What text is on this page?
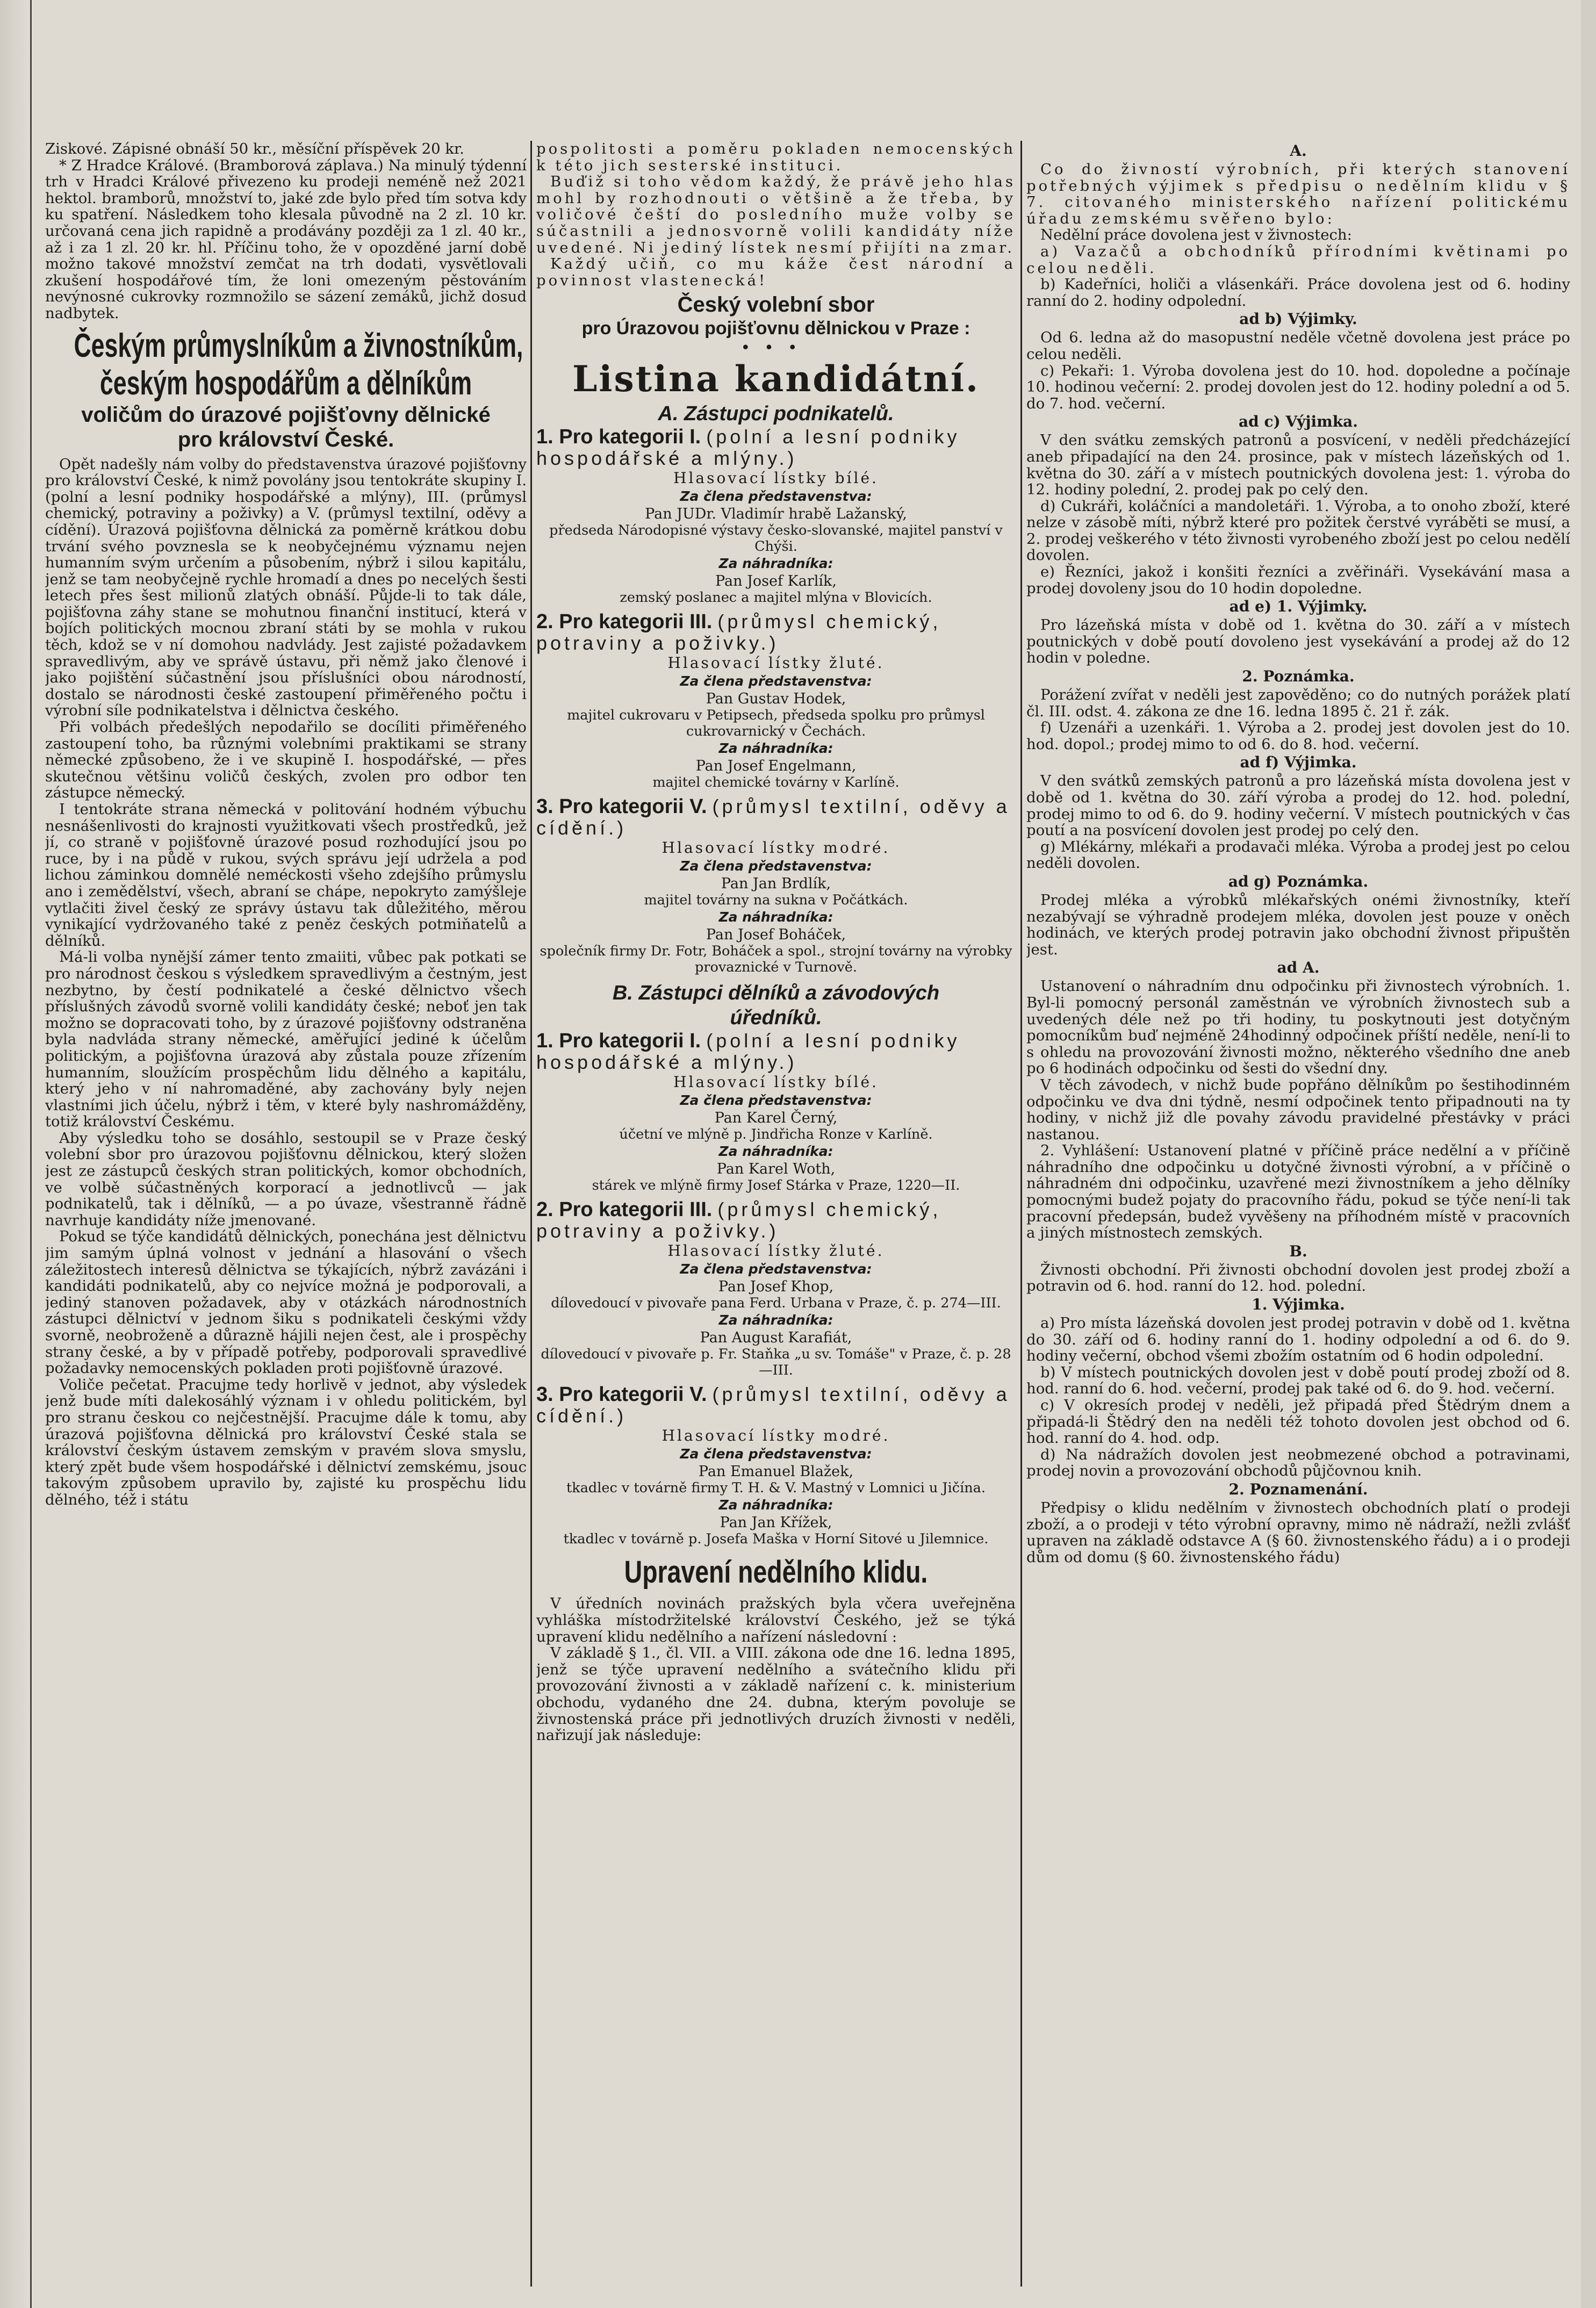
Ziskové. Zápisné obnáší 50 kr., měsíční příspěvek 20 kr.

* Z Hradce Králové. (Bramborová záplava.) Na minulý týdenní trh v Hradci Králové přivezeno ku prodeji neméně než 2021 hektol. bramborů, množství to, jaké zde bylo před tím sotva kdy ku spatření. Následkem toho klesala původně na 2 zl. 10 kr. určovaná cena jich rapidně a prodávány později za 1 zl. 40 kr., až i za 1 zl. 20 kr. hl. Příčinu toho, že v opozděné jarní době možno takové množství zemčat na trh dodati, vysvětlovali zkušení hospodářové tím, že loni omezeným pěstováním nevýnosné cukrovky rozmnožilo se sázení zemáků, jichž dosud nadbytek.

Českým průmyslníkům a živnostníkům,
českým hospodářům a dělníkům
voličům do úrazové pojišťovny dělnické
pro království České.

Opět nadešly nám volby do představenstva úrazové pojišťovny pro království České, k nimž povolány jsou tentokráte skupiny I. (polní a lesní podniky hospodářské a mlýny), III. (průmysl chemický, potraviny a poživky) a V. (průmysl textilní, oděvy a cídění). Úrazová pojišťovna dělnická za poměrně krátkou dobu trvání svého povznesla se k neobyčejnému významu nejen humanním svým určením a působením, nýbrž i silou kapitálu, jenž se tam neobyčejně rychle hromadí a dnes po necelých šesti letech přes šest milionů zlatých obnáší. Půjde-li to tak dále, pojišťovna záhy stane se mohutnou finanční institucí, která v bojích politických mocnou zbraní státi by se mohla v rukou těch, kdož se v ní domohou nadvlády. Jest zajisté požadavkem spravedlivým, aby ve správě ústavu, při němž jako členové i jako pojištění súčastnění jsou příslušníci obou národností, dostalo se národnosti české zastoupení přiměřeného počtu i výrobní síle podnikatelstva i dělnictva českého.

Při volbách předešlých nepodařilo se docíliti přiměřeného zastoupení toho, ba různými volebními praktikami se strany německé způsobeno, že i ve skupině I. hospodářské, — přes skutečnou většinu voličů českých, zvolen pro odbor ten zástupce německý.

I tentokráte strana německá v politování hodném výbuchu nesnášenlivosti do krajnosti využitkovati všech prostředků, jež jí, co straně v pojišťovně úrazové posud rozhodující jsou po ruce, by i na půdě v rukou, svých správu její udržela a pod lichou záminkou domnělé neméckosti všeho zdejšího průmyslu ano i zemědělství, všech, abraní se chápe, nepokryto zamýšleje vytlačiti živel český ze správy ústavu tak důležitého, měrou vynikající vydržovaného také z peněz českých potmiňatelů a dělníků.

Má-li volba nynější zámer tento zmaiiti, vůbec pak potkati se pro národnost českou s výsledkem spravedlivým a čestným, jest nezbytno, by čestí podnikatelé a české dělnictvo všech příslušných závodů svorně volili kandidáty české; neboť jen tak možno se dopracovati toho, by z úrazové pojišťovny odstraněna byla nadvláda strany německé, aměřující jediné k účelům politickým, a pojišťovna úrazová aby zůstala pouze zřízením humanním, sloužícím prospěchům lidu dělného a kapitálu, který jeho v ní nahromaděné, aby zachovány byly nejen vlastními jich účelu, nýbrž i těm, v které byly nashromážděny, totiž království Českému.

Aby výsledku toho se dosáhlo, sestoupil se v Praze český volební sbor pro úrazovou pojišťovnu dělnickou, který složen jest ze zástupců českých stran politických, komor obchodních, ve volbě súčastněných korporací a jednotlivců — jak podnikatelů, tak i dělníků, — a po úvaze, všestranně řádně navrhuje kandidáty níže jmenované.

Pokud se týče kandidátů dělnických, ponechána jest dělnictvu jim samým úplná volnost v jednání a hlasování o všech záležitostech interesů dělnictva se týkajících, nýbrž zavázáni i kandidáti podnikatelů, aby co nejvíce možná je podporovali, a jediný stanoven požadavek, aby v otázkách národnostních zástupci dělnictví v jednom šiku s podnikateli českými vždy svorně, neobroženě a důrazně hájili nejen čest, ale i prospěchy strany české, a by v případě potřeby, podporovali spravedlivé požadavky nemocenských pokladen proti pojišťovně úrazové.

Voliče pečetat. Pracujme tedy horlivě v jednot, aby výsledek jenž bude míti dalekosáhlý význam i v ohledu politickém, byl pro stranu českou co nejčestnější. Pracujme dále k tomu, aby úrazová pojišťovna dělnická pro království České stala se království českým ústavem zemským v pravém slova smyslu, který zpět bude všem hospodářské i dělnictví zemskému, jsouc takovým způsobem upravilo by, zajisté ku prospěchu lidu dělného, též i státu

pospolitosti a poměru pokladen nemocenských k této jich sesterské instituci.

Buďiž si toho vědom každý, že právě jeho hlas mohl by rozhodnouti o většině a že třeba, by voličové čeští do posledního muže volby se súčastnili a jednosvorně volili kandidáty níže uvedené. Ni jediný lístek nesmí přijíti na zmar.

Každý učiň, co mu káže čest národní a povinnost vlastenecká!

Český volební sbor
pro Úrazovou pojišťovnu dělnickou v Praze :
•••
Listina kandidátní.
A. Zástupci podnikatelů.
1. Pro kategorii I. (polní a lesní podniky hospodářské a mlýny.)
Hlasovací lístky bílé.
Za člena představenstva:
Pan JUDr. Vladimír hrabě Lažanský,
předseda Národopisné výstavy česko-slovanské, majitel panství v Chýši.
Za náhradníka:
Pan Josef Karlík,
zemský poslanec a majitel mlýna v Blovicích.
2. Pro kategorii III. (průmysl chemický, potraviny a poživky.)
Hlasovací lístky žluté.
Za člena představenstva:
Pan Gustav Hodek,
majitel cukrovaru v Petipsech, předseda spolku pro průmysl cukrovarnický v Čechách.
Za náhradníka:
Pan Josef Engelmann,
majitel chemické továrny v Karlíně.
3. Pro kategorii V. (průmysl textilní, oděvy a cídění.)
Hlasovací lístky modré.
Za člena představenstva:
Pan Jan Brdlík,
majitel továrny na sukna v Počátkách.
Za náhradníka:
Pan Josef Boháček,
společník firmy Dr. Fotr, Boháček a spol., strojní továrny na výrobky provaznické v Turnově.
B. Zástupci dělníků a závodových
úředníků.
1. Pro kategorii I. (polní a lesní podniky hospodářské a mlýny.)
Hlasovací lístky bílé.
Za člena představenstva:
Pan Karel Černý,
účetní ve mlýně p. Jindřicha Ronze v Karlíně.
Za náhradníka:
Pan Karel Woth,
stárek ve mlýně firmy Josef Stárka v Praze, 1220—II.
2. Pro kategorii III. (průmysl chemický, potraviny a poživky.)
Hlasovací lístky žluté.
Za člena představenstva:
Pan Josef Khop,
dílovedoucí v pivovaře pana Ferd. Urbana v Praze, č. p. 274—III.
Za náhradníka:
Pan August Karafiát,
dílovedoucí v pivovaře p. Fr. Staňka „u sv. Tomáše" v Praze, č. p. 28—III.
3. Pro kategorii V. (průmysl textilní, oděvy a cídění.)
Hlasovací lístky modré.
Za člena představenstva:
Pan Emanuel Blažek,
tkadlec v továrně firmy T. H. & V. Mastný v Lomnici u Jičína.
Za náhradníka:
Pan Jan Křížek,
tkadlec v továrně p. Josefa Maška v Horní Sitové u Jilemnice.
Upravení nedělního klidu.

V úředních novinách pražských byla včera uveřejněna vyhláška místodržitelské království Českého, jež se týká upravení klidu nedělního a nařízení následovní :

V základě § 1., čl. VII. a VIII. zákona ode dne 16. ledna 1895, jenž se týče upravení nedělního a svátečního klidu při provozování živnosti a v základě nařízení c. k. ministerium obchodu, vydaného dne 24. dubna, kterým povoluje se živnostenská práce při jednotlivých druzích živnosti v neděli, nařizují jak následuje:

A.

Co do živností výrobních, při kterých stanovení potřebných výjimek s předpisu o nedělním klidu v § 7. citovaného ministerského nařízení politickému úřadu zemskému svěřeno bylo:

Nedělní práce dovolena jest v živnostech:

a) Vazačů a obchodníků přírodními květinami po celou neděli.

b) Kadeřníci, holiči a vlásenkáři. Práce dovolena jest od 6. hodiny ranní do 2. hodiny odpolední.

ad b) Výjimky.

Od 6. ledna až do masopustní neděle včetně dovolena jest práce po celou neděli.

c) Pekaři: 1. Výroba dovolena jest do 10. hod. dopoledne a počínaje 10. hodinou večerní: 2. prodej dovolen jest do 12. hodiny polední a od 5. do 7. hod. večerní.

ad c) Výjimka.

V den svátku zemských patronů a posvícení, v neděli předcházející aneb připadající na den 24. prosince, pak v místech lázeňských od 1. května do 30. září a v místech poutnických dovolena jest: 1. výroba do 12. hodiny polední, 2. prodej pak po celý den.

d) Cukráři, koláčníci a mandoletáři. 1. Výroba, a to onoho zboží, které nelze v zásobě míti, nýbrž které pro požitek čerstvé vyráběti se musí, a 2. prodej veškerého v této živnosti vyrobeného zboží jest po celou nedělí dovolen.

e) Řezníci, jakož i konšiti řezníci a zvěřináři. Vysekávání masa a prodej dovoleny jsou do 10 hodin dopoledne.

ad e) 1. Výjimky.

Pro lázeňská místa v době od 1. května do 30. září a v místech poutnických v době poutí dovoleno jest vysekávání a prodej až do 12 hodin v poledne.

2. Poznámka.

Porážení zvířat v neděli jest zapověděno; co do nutných porážek platí čl. III. odst. 4. zákona ze dne 16. ledna 1895 č. 21 ř. zák.

f) Uzenáři a uzenkáři. 1. Výroba a 2. prodej jest dovolen jest do 10. hod. dopol.; prodej mimo to od 6. do 8. hod. večerní.

ad f) Výjimka.

V den svátků zemských patronů a pro lázeňská místa dovolena jest v době od 1. května do 30. září výroba a prodej do 12. hod. polední, prodej mimo to od 6. do 9. hodiny večerní. V místech poutnických v čas poutí a na posvícení dovolen jest prodej po celý den.

g) Mlékárny, mlékaři a prodavači mléka. Výroba a prodej jest po celou neděli dovolen.

ad g) Poznámka.

Prodej mléka a výrobků mlékařských onémi živnostníky, kteří nezabývají se výhradně prodejem mléka, dovolen jest pouze v oněch hodinách, ve kterých prodej potravin jako obchodní živnost připuštěn jest.

ad A.

Ustanovení o náhradním dnu odpočinku při živnostech výrobních. 1. Byl-li pomocný personál zaměstnán ve výrobních živnostech sub a uvedených déle než po tři hodiny, tu poskytnouti jest dotyčným pomocníkům buď nejméně 24hodinný odpočinek příští neděle, není-li to s ohledu na provozování živnosti možno, některého všedního dne aneb po 6 hodinách odpočinku od šesti do všední dny.

V těch závodech, v nichž bude popřáno dělníkům po šestihodinném odpočinku ve dva dni týdně, nesmí odpočinek tento připadnouti na ty hodiny, v nichž již dle povahy závodu pravidelné přestávky v práci nastanou.

2. Vyhlášení: Ustanovení platné v příčině práce nedělní a v příčině náhradního dne odpočinku u dotyčné živnosti výrobní, a v příčině o náhradném dni odpočinku, uzavřené mezi živnostníkem a jeho dělníky pomocnými budež pojaty do pracovního řádu, pokud se týče není-li tak pracovní předepsán, budež vyvěšeny na příhodném místě v pracovních a jiných místnostech zemských.

B.

Živnosti obchodní. Při živnosti obchodní dovolen jest prodej zboží a potravin od 6. hod. ranní do 12. hod. polední.

1. Výjimka.

a) Pro místa lázeňská dovolen jest prodej potravin v době od 1. května do 30. září od 6. hodiny ranní do 1. hodiny odpolední a od 6. do 9. hodiny večerní, obchod všemi zbožím ostatním od 6 hodin odpolední.

b) V místech poutnických dovolen jest v době poutí prodej zboží od 8. hod. ranní do 6. hod. večerní, prodej pak také od 6. do 9. hod. večerní.

c) V okresích prodej v neděli, jež připadá před Štědrým dnem a připadá-li Štědrý den na neděli též tohoto dovolen jest obchod od 6. hod. ranní do 4. hod. odp.

d) Na nádražích dovolen jest neobmezené obchod a potravinami, prodej novin a provozování obchodů půjčovnou knih.

2. Poznamenání.

Předpisy o klidu nedělním v živnostech obchodních platí o prodeji zboží, a o prodeji v této výrobní opravny, mimo ně nádraží, nežli zvlášť upraven na základě odstavce A (§ 60. živnostenského řádu) a i o prodeji dům od domu (§ 60. živnostenského řádu)
